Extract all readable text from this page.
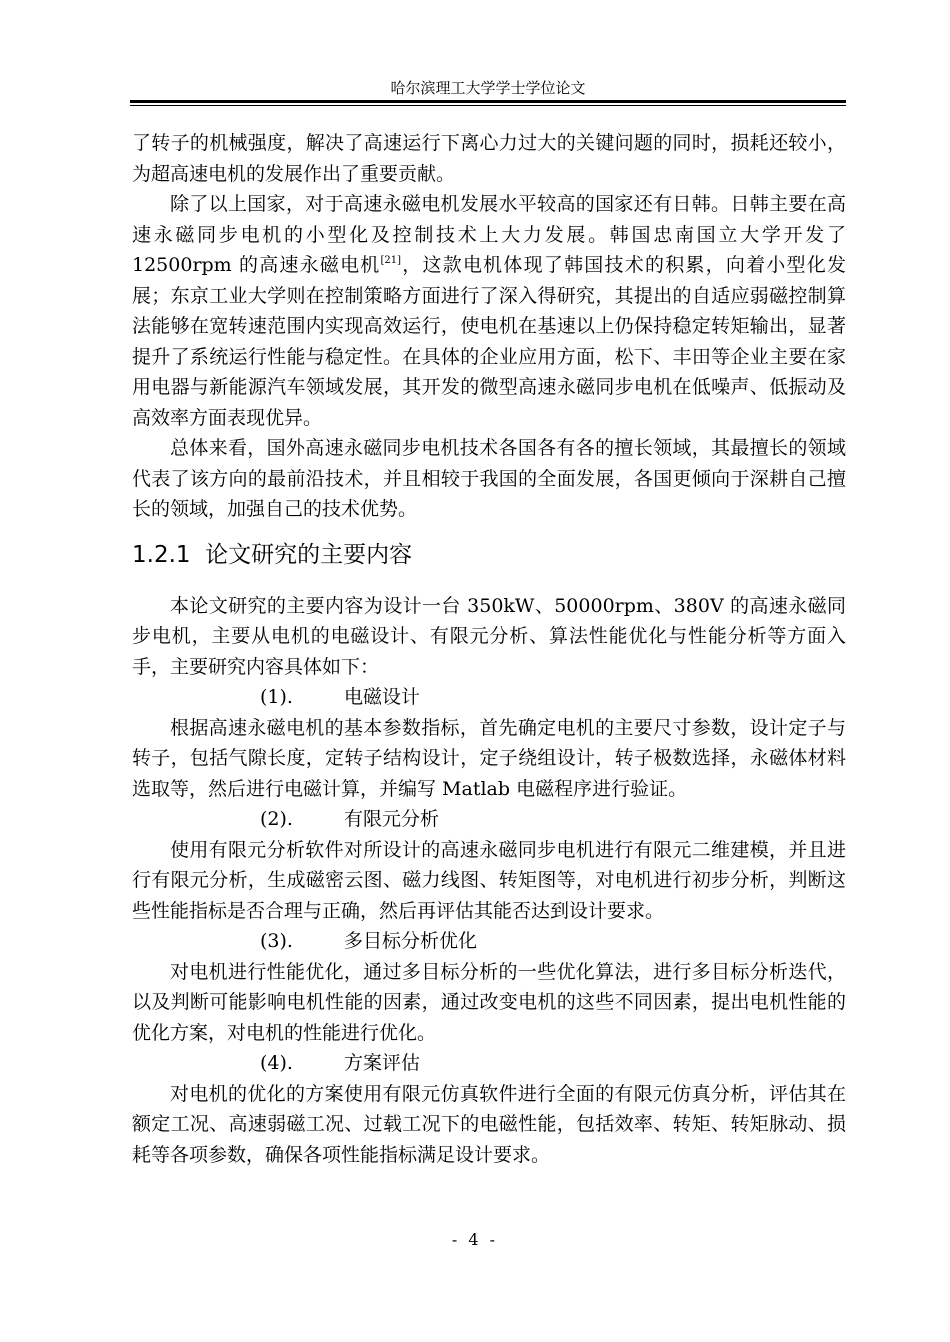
哈尔滨理工大学学士学位论文

了转子的机械强度，解决了高速运行下离心力过大的关键问题的同时，损耗还较小，为超高速电机的发展作出了重要贡献。

除了以上国家，对于高速永磁电机发展水平较高的国家还有日韩。日韩主要在高速永磁同步电机的小型化及控制技术上大力发展。韩国忠南国立大学开发了 12500rpm 的高速永磁电机[21]，这款电机体现了韩国技术的积累，向着小型化发展；东京工业大学则在控制策略方面进行了深入得研究，其提出的自适应弱磁控制算法能够在宽转速范围内实现高效运行，使电机在基速以上仍保持稳定转矩输出，显著提升了系统运行性能与稳定性。在具体的企业应用方面，松下、丰田等企业主要在家用电器与新能源汽车领域发展，其开发的微型高速永磁同步电机在低噪声、低振动及高效率方面表现优异。

总体来看，国外高速永磁同步电机技术各国各有各的擅长领域，其最擅长的领域代表了该方向的最前沿技术，并且相较于我国的全面发展，各国更倾向于深耕自己擅长的领域，加强自己的技术优势。

1.2.1 论文研究的主要内容

本论文研究的主要内容为设计一台 350kW、50000rpm、380V 的高速永磁同步电机，主要从电机的电磁设计、有限元分析、算法性能优化与性能分析等方面入手，主要研究内容具体如下：

(1).	电磁设计

根据高速永磁电机的基本参数指标，首先确定电机的主要尺寸参数，设计定子与转子，包括气隙长度，定转子结构设计，定子绕组设计，转子极数选择，永磁体材料选取等，然后进行电磁计算，并编写 Matlab 电磁程序进行验证。

(2).	有限元分析

使用有限元分析软件对所设计的高速永磁同步电机进行有限元二维建模，并且进行有限元分析，生成磁密云图、磁力线图、转矩图等，对电机进行初步分析，判断这些性能指标是否合理与正确，然后再评估其能否达到设计要求。

(3).	多目标分析优化

对电机进行性能优化，通过多目标分析的一些优化算法，进行多目标分析迭代，以及判断可能影响电机性能的因素，通过改变电机的这些不同因素，提出电机性能的优化方案，对电机的性能进行优化。

(4).	方案评估

对电机的优化的方案使用有限元仿真软件进行全面的有限元仿真分析，评估其在额定工况、高速弱磁工况、过载工况下的电磁性能，包括效率、转矩、转矩脉动、损耗等各项参数，确保各项性能指标满足设计要求。

- 4 -
